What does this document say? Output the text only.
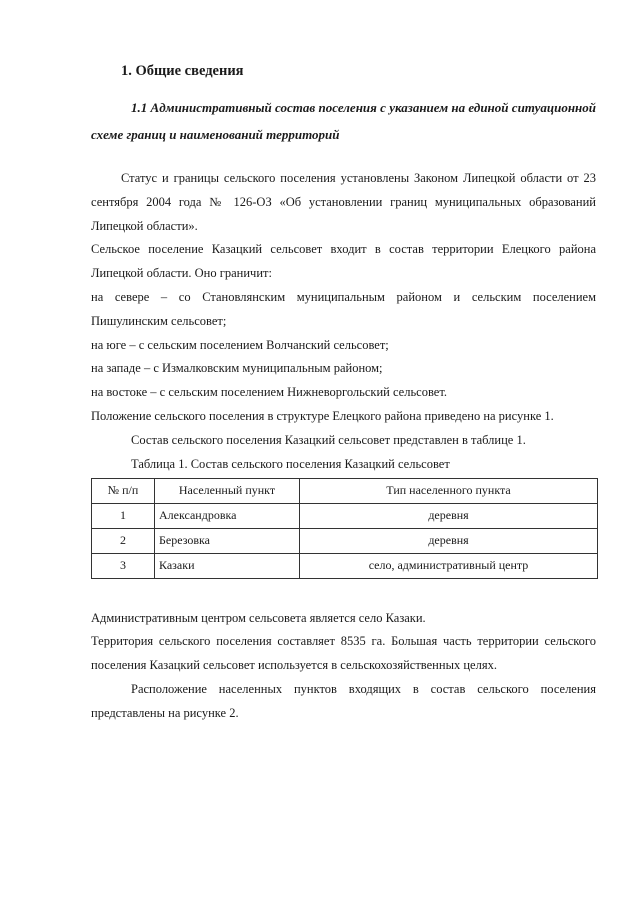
1. Общие сведения
1.1 Административный состав поселения с указанием на единой ситуационной схеме границ и наименований территорий

Статус и границы сельского поселения установлены Законом Липецкой области от 23 сентября 2004 года № 126-ОЗ «Об установлении границ муниципальных образований Липецкой области».

Сельское поселение Казацкий сельсовет входит в состав территории Елецкого района Липецкой области. Оно граничит:

на севере – со Становлянским муниципальным районом и сельским поселением Пишулинским сельсовет;

на юге – с сельским поселением Волчанский сельсовет;

на западе – с Измалковским муниципальным районом;

на востоке – с сельским поселением Нижневоргольский сельсовет.

Положение сельского поселения в структуре Елецкого района приведено на рисунке 1.

Состав сельского поселения Казацкий сельсовет представлен в таблице 1.

Таблица 1. Состав сельского поселения Казацкий сельсовет

№ п/п	Населенный пункт	Тип населенного пункта
1	Александровка	деревня
2	Березовка	деревня
3	Казаки	село, административный центр

Административным центром сельсовета является село Казаки.

Территория сельского поселения составляет 8535 га. Большая часть территории сельского поселения Казацкий сельсовет используется в сельскохозяйственных целях.

Расположение населенных пунктов входящих в состав сельского поселения представлены на рисунке 2.
